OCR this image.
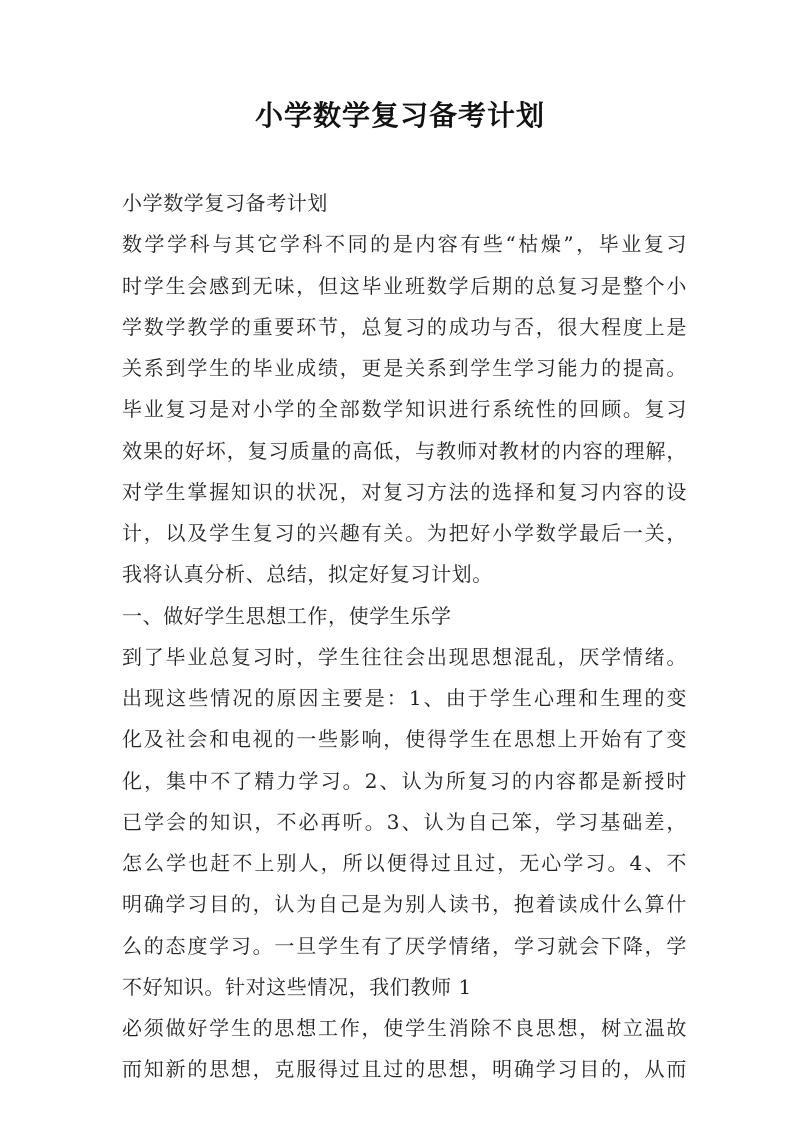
小学数学复习备考计划
小学数学复习备考计划
数学学科与其它学科不同的是内容有些“枯燥”，毕业复习
时学生会感到无味，但这毕业班数学后期的总复习是整个小
学数学教学的重要环节，总复习的成功与否，很大程度上是
关系到学生的毕业成绩，更是关系到学生学习能力的提高。
毕业复习是对小学的全部数学知识进行系统性的回顾。复习
效果的好坏，复习质量的高低，与教师对教材的内容的理解，
对学生掌握知识的状况，对复习方法的选择和复习内容的设
计，以及学生复习的兴趣有关。为把好小学数学最后一关，
我将认真分析、总结，拟定好复习计划。
一、做好学生思想工作，使学生乐学
到了毕业总复习时，学生往往会出现思想混乱，厌学情绪。
出现这些情况的原因主要是：1、由于学生心理和生理的变
化及社会和电视的一些影响，使得学生在思想上开始有了变
化，集中不了精力学习。2、认为所复习的内容都是新授时
已学会的知识，不必再听。3、认为自己笨，学习基础差，
怎么学也赶不上别人，所以便得过且过，无心学习。4、不
明确学习目的，认为自己是为别人读书，抱着读成什么算什
么的态度学习。一旦学生有了厌学情绪，学习就会下降，学
不好知识。针对这些情况，我们教师 1
必须做好学生的思想工作，使学生消除不良思想，树立温故
而知新的思想，克服得过且过的思想，明确学习目的，从而
